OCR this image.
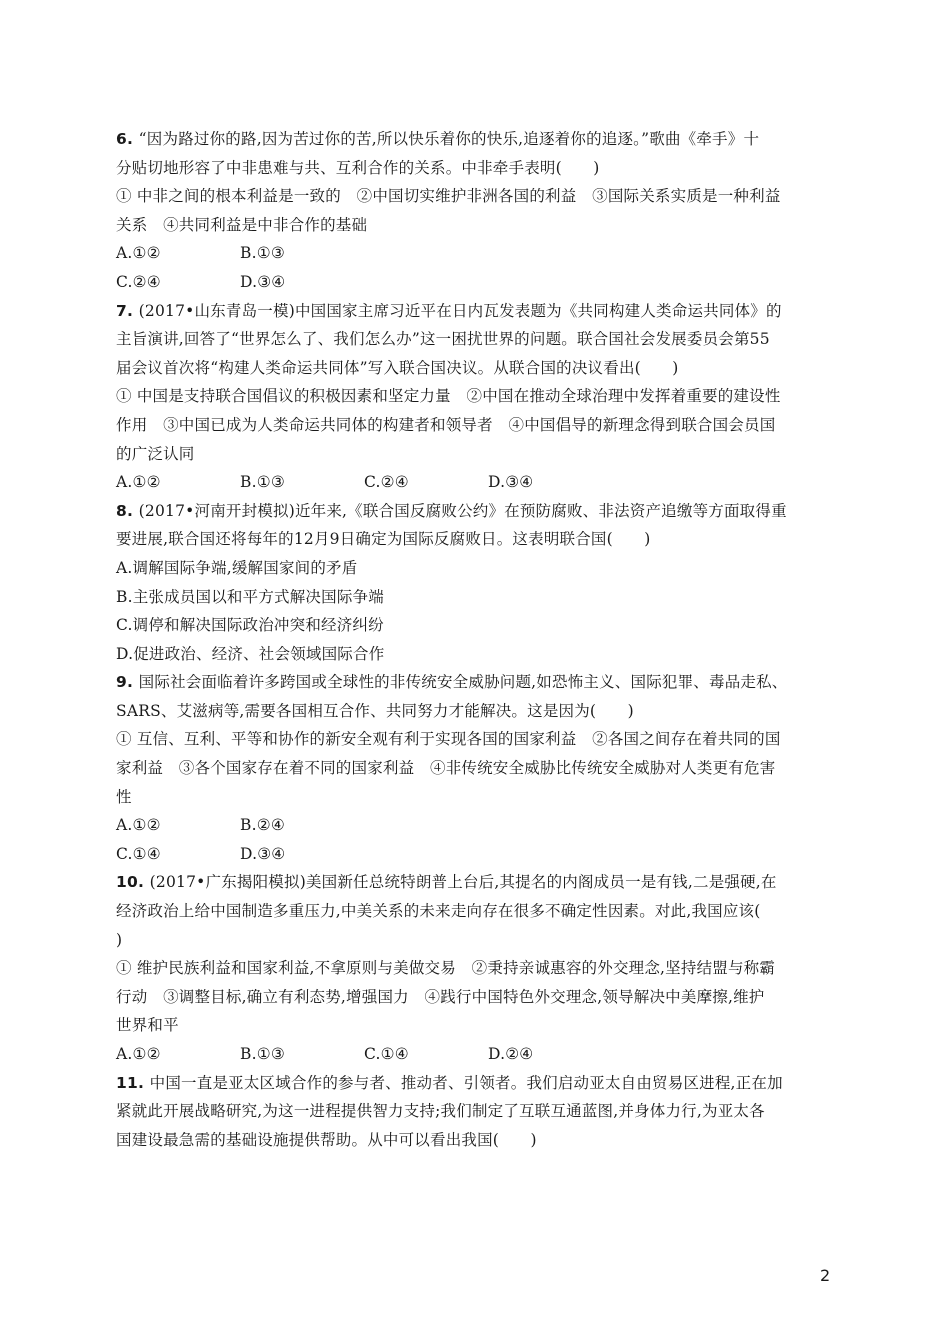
6. “因为路过你的路,因为苦过你的苦,所以快乐着你的快乐,追逐着你的追逐。”歌曲《牵手》十
分贴切地形容了中非患难与共、互利合作的关系。中非牵手表明(　　)
① 中非之间的根本利益是一致的　②中国切实维护非洲各国的利益　③国际关系实质是一种利益
关系　④共同利益是中非合作的基础
A.①②	B.①③
C.②④	D.③④
7. (2017•山东青岛一模)中国国家主席习近平在日内瓦发表题为《共同构建人类命运共同体》的
主旨演讲,回答了“世界怎么了、我们怎么办”这一困扰世界的问题。联合国社会发展委员会第55
届会议首次将“构建人类命运共同体”写入联合国决议。从联合国的决议看出(　　)
① 中国是支持联合国倡议的积极因素和坚定力量　②中国在推动全球治理中发挥着重要的建设性
作用　③中国已成为人类命运共同体的构建者和领导者　④中国倡导的新理念得到联合国会员国
的广泛认同
A.①②	B.①③	C.②④	D.③④
8. (2017•河南开封模拟)近年来,《联合国反腐败公约》在预防腐败、非法资产追缴等方面取得重
要进展,联合国还将每年的12月9日确定为国际反腐败日。这表明联合国(　　)
A.调解国际争端,缓解国家间的矛盾
B.主张成员国以和平方式解决国际争端
C.调停和解决国际政治冲突和经济纠纷
D.促进政治、经济、社会领域国际合作
9. 国际社会面临着许多跨国或全球性的非传统安全威胁问题,如恐怖主义、国际犯罪、毒品走私、
SARS、艾滋病等,需要各国相互合作、共同努力才能解决。这是因为(　　)
① 互信、互利、平等和协作的新安全观有利于实现各国的国家利益　②各国之间存在着共同的国
家利益　③各个国家存在着不同的国家利益　④非传统安全威胁比传统安全威胁对人类更有危害
性
A.①②	B.②④
C.①④	D.③④
10. (2017•广东揭阳模拟)美国新任总统特朗普上台后,其提名的内阁成员一是有钱,二是强硬,在
经济政治上给中国制造多重压力,中美关系的未来走向存在很多不确定性因素。对此,我国应该(
)
① 维护民族利益和国家利益,不拿原则与美做交易　②秉持亲诚惠容的外交理念,坚持结盟与称霸
行动　③调整目标,确立有利态势,增强国力　④践行中国特色外交理念,领导解决中美摩擦,维护
世界和平
A.①②	B.①③	C.①④	D.②④
11. 中国一直是亚太区域合作的参与者、推动者、引领者。我们启动亚太自由贸易区进程,正在加
紧就此开展战略研究,为这一进程提供智力支持;我们制定了互联互通蓝图,并身体力行,为亚太各
国建设最急需的基础设施提供帮助。从中可以看出我国(　　)
2
